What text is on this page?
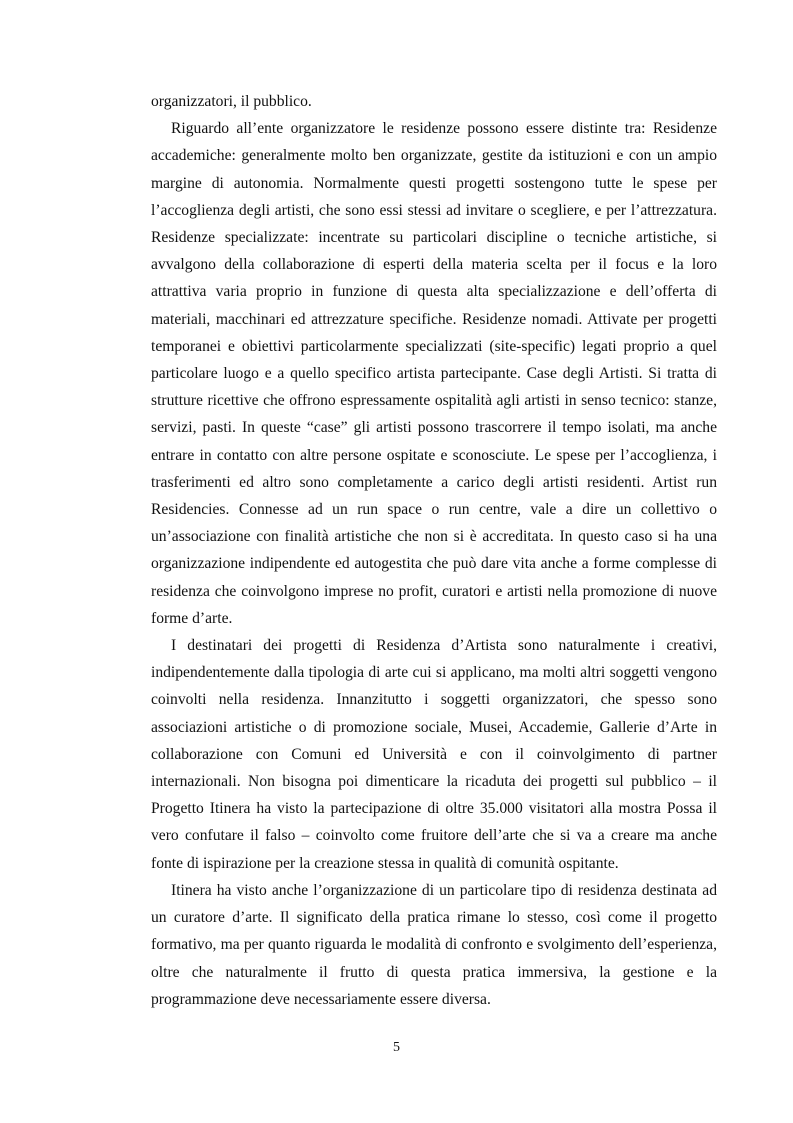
organizzatori, il pubblico.

Riguardo all’ente organizzatore le residenze possono essere distinte tra: Residenze accademiche: generalmente molto ben organizzate, gestite da istituzioni e con un ampio margine di autonomia. Normalmente questi progetti sostengono tutte le spese per l’accoglienza degli artisti, che sono essi stessi ad invitare o scegliere, e per l’attrezzatura. Residenze specializzate: incentrate su particolari discipline o tecniche artistiche, si avvalgono della collaborazione di esperti della materia scelta per il focus e la loro attrattiva varia proprio in funzione di questa alta specializzazione e dell’offerta di materiali, macchinari ed attrezzature specifiche. Residenze nomadi. Attivate per progetti temporanei e obiettivi particolarmente specializzati (site-specific) legati proprio a quel particolare luogo e a quello specifico artista partecipante. Case degli Artisti. Si tratta di strutture ricettive che offrono espressamente ospitalità agli artisti in senso tecnico: stanze, servizi, pasti. In queste “case” gli artisti possono trascorrere il tempo isolati, ma anche entrare in contatto con altre persone ospitate e sconosciute. Le spese per l’accoglienza, i trasferimenti ed altro sono completamente a carico degli artisti residenti. Artist run Residencies. Connesse ad un run space o run centre, vale a dire un collettivo o un’associazione con finalità artistiche che non si è accreditata. In questo caso si ha una organizzazione indipendente ed autogestita che può dare vita anche a forme complesse di residenza che coinvolgono imprese no profit, curatori e artisti nella promozione di nuove forme d’arte.

I destinatari dei progetti di Residenza d’Artista sono naturalmente i creativi, indipendentemente dalla tipologia di arte cui si applicano, ma molti altri soggetti vengono coinvolti nella residenza. Innanzitutto i soggetti organizzatori, che spesso sono associazioni artistiche o di promozione sociale, Musei, Accademie, Gallerie d’Arte in collaborazione con Comuni ed Università e con il coinvolgimento di partner internazionali. Non bisogna poi dimenticare la ricaduta dei progetti sul pubblico – il Progetto Itinera ha visto la partecipazione di oltre 35.000 visitatori alla mostra Possa il vero confutare il falso – coinvolto come fruitore dell’arte che si va a creare ma anche fonte di ispirazione per la creazione stessa in qualità di comunità ospitante.

Itinera ha visto anche l’organizzazione di un particolare tipo di residenza destinata ad un curatore d’arte. Il significato della pratica rimane lo stesso, così come il progetto formativo, ma per quanto riguarda le modalità di confronto e svolgimento dell’esperienza, oltre che naturalmente il frutto di questa pratica immersiva, la gestione e la programmazione deve necessariamente essere diversa.

5
